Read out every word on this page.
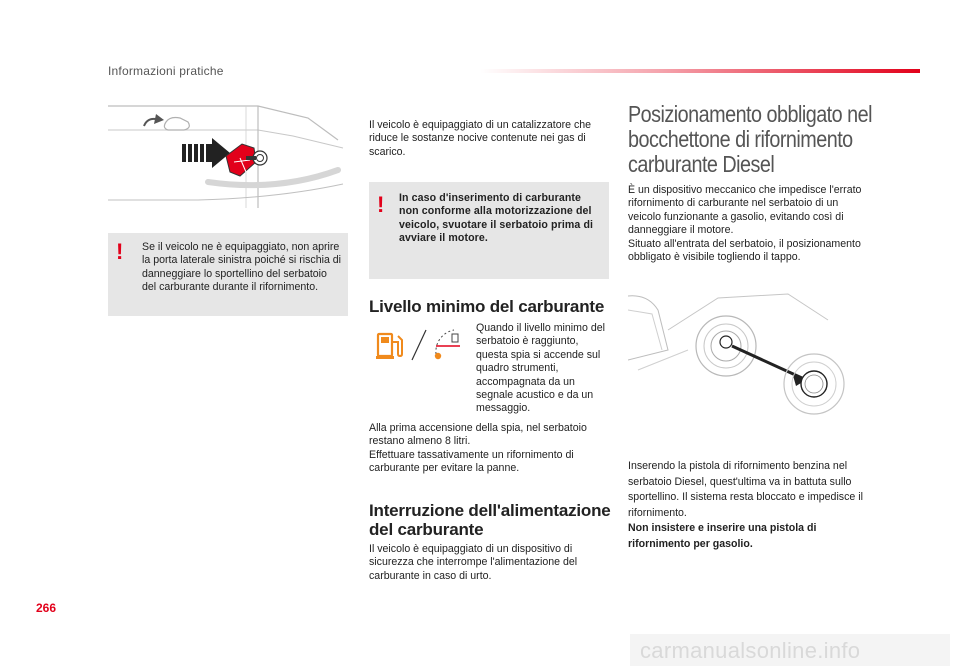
Informazioni pratiche
! Se il veicolo ne è equipaggiato, non aprire la porta laterale sinistra poiché si rischia di danneggiare lo sportellino del serbatoio del carburante durante il rifornimento.
Il veicolo è equipaggiato di un catalizzatore che riduce le sostanze nocive contenute nei gas di scarico.
! In caso d'inserimento di carburante non conforme alla motorizzazione del veicolo, svuotare il serbatoio prima di avviare il motore.
Livello minimo del carburante
Quando il livello minimo del serbatoio è raggiunto, questa spia si accende sul quadro strumenti, accompagnata da un segnale acustico e da un messaggio.

Alla prima accensione della spia, nel serbatoio restano almeno 8 litri.

Effettuare tassativamente un rifornimento di carburante per evitare la panne.

Interruzione dell'alimentazione
del carburante
Il veicolo è equipaggiato di un dispositivo di sicurezza che interrompe l'alimentazione del carburante in caso di urto.
Posizionamento obbligato nel
bocchettone di rifornimento
carburante Diesel

È un dispositivo meccanico che impedisce l'errato rifornimento di carburante nel serbatoio di un veicolo funzionante a gasolio, evitando così di danneggiare il motore.

Situato all'entrata del serbatoio, il posizionamento obbligato è visibile togliendo il tappo.

Inserendo la pistola di rifornimento benzina nel serbatoio Diesel, quest'ultima va in battuta sullo sportellino. Il sistema resta bloccato e impedisce il rifornimento.

Non insistere e inserire una pistola di rifornimento per gasolio.

266
carmanualsonline.info
